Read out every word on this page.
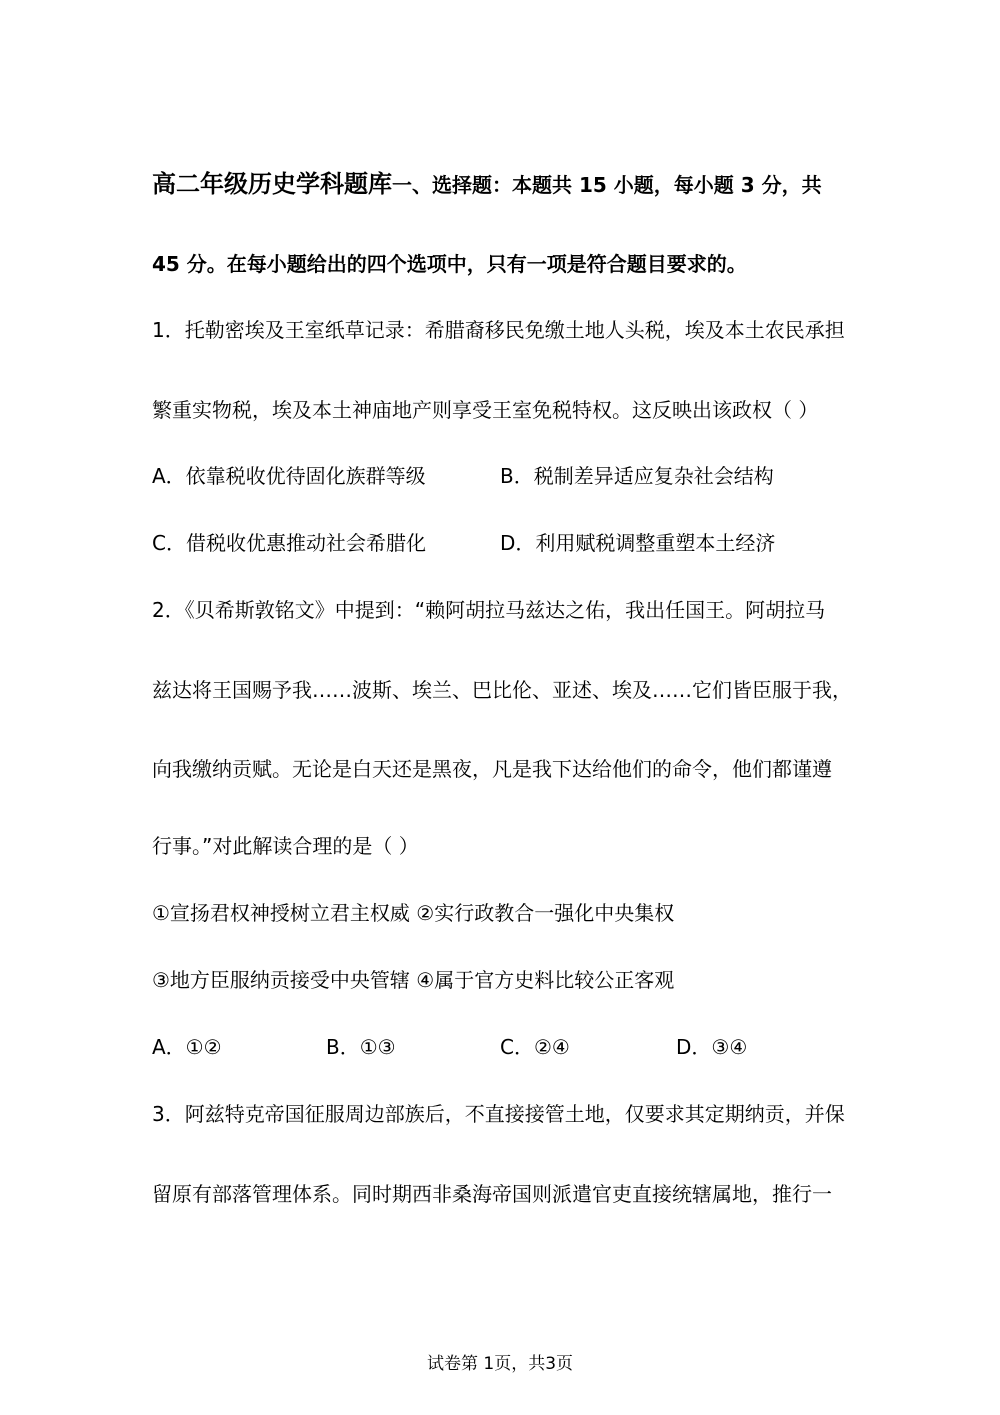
高二年级历史学科题库一、选择题：本题共 15 小题，每小题 3 分，共
45 分。在每小题给出的四个选项中，只有一项是符合题目要求的。
1．托勒密埃及王室纸草记录：希腊裔移民免缴土地人头税，埃及本土农民承担
繁重实物税，埃及本土神庙地产则享受王室免税特权。这反映出该政权（ ）
A．依靠税收优待固化族群等级	B．税制差异适应复杂社会结构
C．借税收优惠推动社会希腊化	D．利用赋税调整重塑本土经济
2．《贝希斯敦铭文》中提到：“赖阿胡拉马兹达之佑，我出任国王。阿胡拉马
兹达将王国赐予我……波斯、埃兰、巴比伦、亚述、埃及……它们皆臣服于我，
向我缴纳贡赋。无论是白天还是黑夜，凡是我下达给他们的命令，他们都谨遵
行事。”对此解读合理的是（ ）
①宣扬君权神授树立君主权威 ②实行政教合一强化中央集权
③地方臣服纳贡接受中央管辖 ④属于官方史料比较公正客观
A．①②	B．①③	C．②④	D．③④
3．阿兹特克帝国征服周边部族后，不直接接管土地，仅要求其定期纳贡，并保
留原有部落管理体系。同时期西非桑海帝国则派遣官吏直接统辖属地，推行一
试卷第 1页，共3页
